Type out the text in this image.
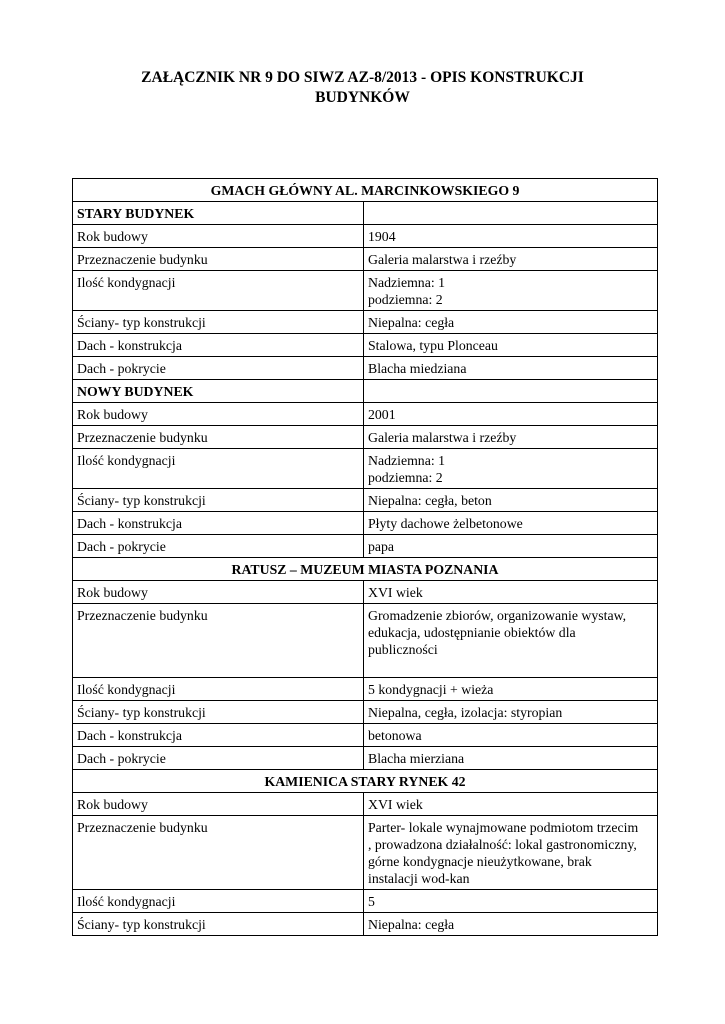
ZAŁĄCZNIK NR 9 DO SIWZ AZ-8/2013 - OPIS KONSTRUKCJI
BUDYNKÓW
GMACH GŁÓWNY AL. MARCINKOWSKIEGO 9	
STARY BUDYNEK	
Rok budowy	1904
Przeznaczenie budynku	Galeria malarstwa i rzeźby
Ilość kondygnacji	Nadziemna: 1
podziemna: 2

Ściany- typ konstrukcji	Niepalna: cegła
Dach - konstrukcja	Stalowa, typu Plonceau
Dach - pokrycie	Blacha miedziana
NOWY BUDYNEK	
Rok budowy	2001
Przeznaczenie budynku	Galeria malarstwa i rzeźby
Ilość kondygnacji	Nadziemna: 1
podziemna: 2

Ściany- typ konstrukcji	Niepalna: cegła, beton
Dach - konstrukcja	Płyty dachowe żelbetonowe
Dach - pokrycie	papa
RATUSZ – MUZEUM MIASTA POZNANIA	
Rok budowy	XVI wiek
Przeznaczenie budynku	Gromadzenie zbiorów, organizowanie wystaw,
edukacja, udostępnianie obiektów dla
publiczności

Ilość kondygnacji	5 kondygnacji + wieża
Ściany- typ konstrukcji	Niepalna, cegła, izolacja: styropian
Dach - konstrukcja	betonowa
Dach - pokrycie	Blacha mierziana
KAMIENICA STARY RYNEK 42	
Rok budowy	XVI wiek
Przeznaczenie budynku	Parter- lokale wynajmowane podmiotom trzecim
, prowadzona działalność: lokal gastronomiczny,
górne kondygnacje nieużytkowane, brak
instalacji wod-kan

Ilość kondygnacji	5
Ściany- typ konstrukcji	Niepalna: cegła
